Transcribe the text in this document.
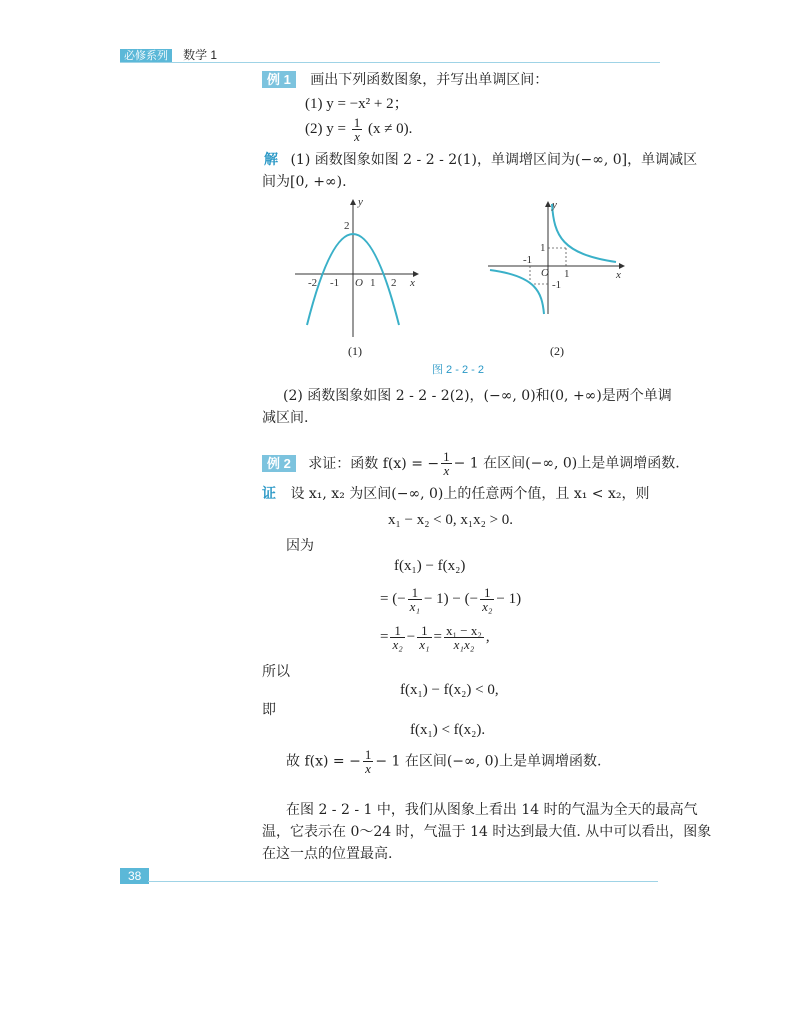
必修系列 数学 1
例 1 画出下列函数图象，并写出单调区间：
(1) y = −x² + 2；
(2) $y = \frac{1}{x} (x \ne 0)$.
解 (1) 函数图象如图 2 - 2 - 2(1)，单调增区间为(−∞, 0]，单调减区
间为[0, +∞).
y
x
O
2
-2 -1	1 2
y
x
O
1
-1
-1
1
(1)	(2)
图 2 - 2 - 2
(2) 函数图象如图 2 - 2 - 2(2)，(−∞, 0)和(0, +∞)是两个单调
减区间.
例 2 求证：函数 f(x) = − $\frac{1}{x} - 1$ 在区间(−∞, 0)上是单调增函数.
证 设 x₁, x₂ 为区间(−∞, 0)上的任意两个值，且 x₁ < x₂，则
x₁ − x₂ < 0, x₁x₂ > 0.
因为
f(x₁) − f(x₂)
= (− $\frac{1}{\text{x₁}} - 1$) − (− $\frac{1}{\text{x₂}} - 1$)
= $\frac{1}{\text{x₂}} - \frac{1}{\text{x₁}} = \frac{\text{x₁ − x₂}}{\text{x₁x₂}}$ ,
所以
f(x₁) − f(x₂) < 0,
即
f(x₁) < f(x₂).
故 f(x) = − $\frac{1}{x} - 1$ 在区间(−∞, 0)上是单调增函数.
在图 2 - 2 - 1 中，我们从图象上看出 14 时的气温为全天的最高气
温，它表示在 0～24 时，气温于 14 时达到最大值. 从中可以看出，图象
在这一点的位置最高.
38
